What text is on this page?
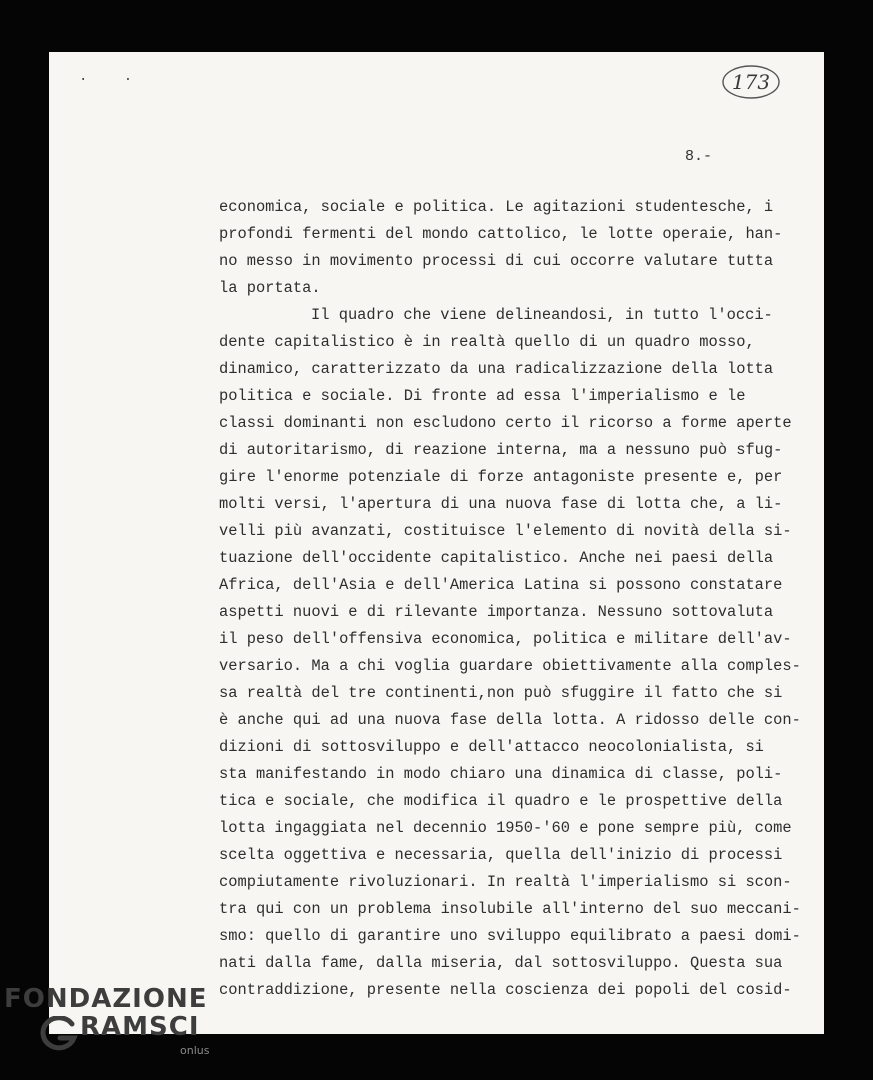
· ·	173
8.-
economica, sociale e politica. Le agitazioni studentesche, i
profondi fermenti del mondo cattolico, le lotte operaie, han-
no messo in movimento processi di cui occorre valutare tutta
la portata.
Il quadro che viene delineandosi, in tutto l'occi-
dente capitalistico è in realtà quello di un quadro mosso,
dinamico, caratterizzato da una radicalizzazione della lotta
politica e sociale. Di fronte ad essa l'imperialismo e le
classi dominanti non escludono certo il ricorso a forme aperte
di autoritarismo, di reazione interna, ma a nessuno può sfug-
gire l'enorme potenziale di forze antagoniste presente e, per
molti versi, l'apertura di una nuova fase di lotta che, a li-
velli più avanzati, costituisce l'elemento di novità della si-
tuazione dell'occidente capitalistico. Anche nei paesi della
Africa, dell'Asia e dell'America Latina si possono constatare
aspetti nuovi e di rilevante importanza. Nessuno sottovaluta
il peso dell'offensiva economica, politica e militare dell'av-
versario. Ma a chi voglia guardare obiettivamente alla comples-
sa realtà del tre continenti,non può sfuggire il fatto che si
è anche qui ad una nuova fase della lotta. A ridosso delle con-
dizioni di sottosviluppo e dell'attacco neocolonialista, si
sta manifestando in modo chiaro una dinamica di classe, poli-
tica e sociale, che modifica il quadro e le prospettive della
lotta ingaggiata nel decennio 1950-'60 e pone sempre più, come
scelta oggettiva e necessaria, quella dell'inizio di processi
compiutamente rivoluzionari. In realtà l'imperialismo si scon-
tra qui con un problema insolubile all'interno del suo meccani-
smo: quello di garantire uno sviluppo equilibrato a paesi domi-
nati dalla fame, dalla miseria, dal sottosviluppo. Questa sua
contraddizione, presente nella coscienza dei popoli del cosid-
FONDAZIONE
RAMSCI
onlus
